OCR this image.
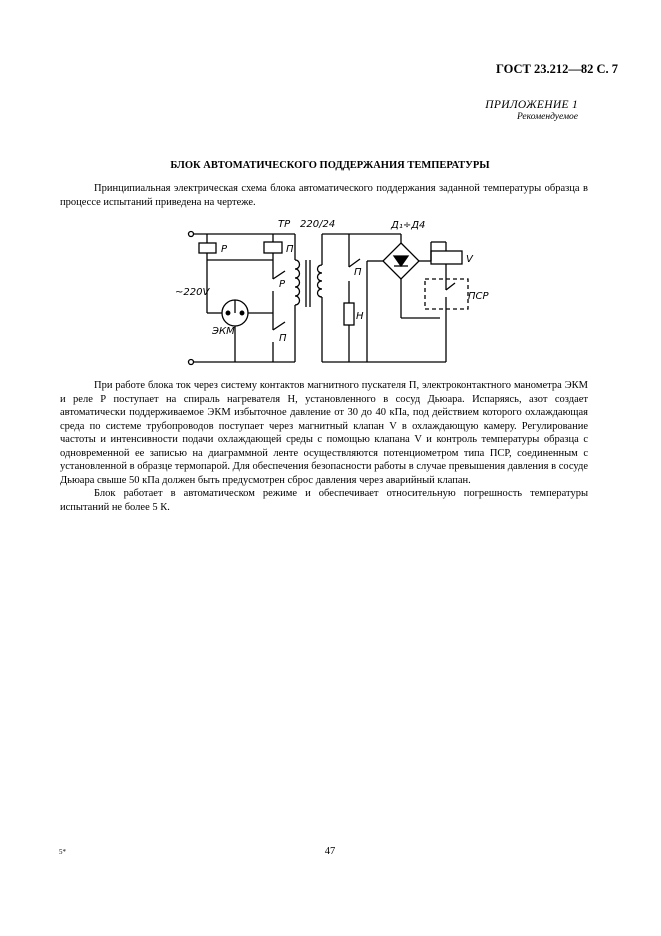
ГОСТ 23.212—82 С. 7
ПРИЛОЖЕНИЕ 1
Рекомендуемое
БЛОК АВТОМАТИЧЕСКОГО ПОДДЕРЖАНИЯ ТЕМПЕРАТУРЫ

Принципиальная электрическая схема блока автоматического поддержания заданной температуры образца в процессе испытаний приведена на чертеже.

ТР 220/24	Д₁÷Д4
Р	П
~220V
П
Н
V
ПСР
Р
ЭКМ
П

При работе блока ток через систему контактов магнитного пускателя П, электроконтактного манометра ЭКМ и реле Р поступает на спираль нагревателя Н, установленного в сосуд Дьюара. Испаряясь, азот создает автоматически поддерживаемое ЭКМ избыточное давление от 30 до 40 кПа, под действием которого охлаждающая среда по системе трубопроводов поступает через магнитный клапан V в охлаждающую камеру. Регулирование частоты и интенсивности подачи охлаждающей среды с помощью клапана V и контроль температуры образца с одновременной ее записью на диаграммной ленте осуществляются потенциометром типа ПСР, соединенным с установленной в образце термопарой. Для обеспечения безопасности работы в случае превышения давления в сосуде Дьюара свыше 50 кПа должен быть предусмотрен сброс давления через аварийный клапан.

Блок работает в автоматическом режиме и обеспечивает относительную погрешность температуры испытаний не более 5 К.

5*	47
